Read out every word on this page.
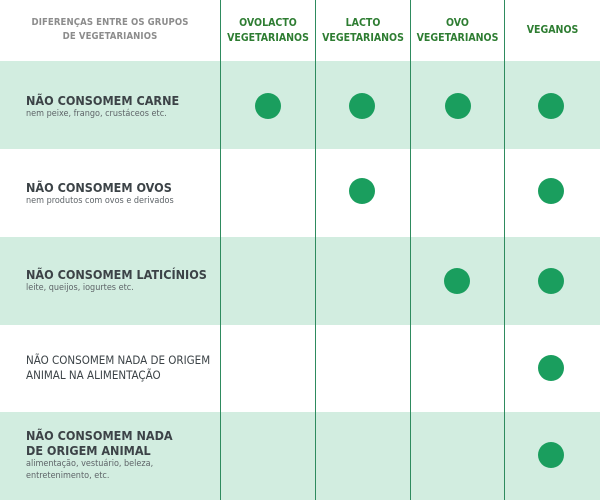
DIFERENÇAS ENTRE OS GRUPOS
DE VEGETARIANIOS
OVOLACTO
VEGETARIANOS
LACTO
VEGETARIANOS
OVO
VEGETARIANOS
VEGANOS
NÃO CONSOMEM CARNE
nem peixe, frango, crustáceos etc.
NÃO CONSOMEM OVOS
nem produtos com ovos e derivados
NÃO CONSOMEM LATICÍNIOS
leite, queijos, iogurtes etc.
NÃO CONSOMEM NADA DE ORIGEM
ANIMAL NA ALIMENTAÇÃO
NÃO CONSOMEM NADA
DE ORIGEM ANIMAL
alimentação, vestuário, beleza,
entretenimento, etc.
